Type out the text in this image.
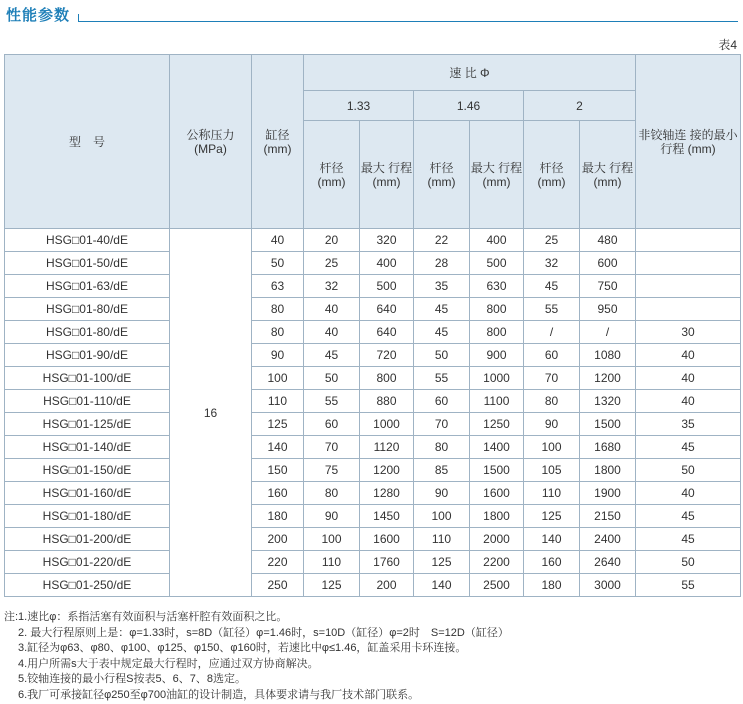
性能参数
表4
型　号	公称压力 (MPa)	缸径 (mm)	速 比 Φ						非铰轴连 接的最小 行程 (mm)
			1.33		1.46		2		
			杆径 (mm)	最大 行程 (mm)	杆径 (mm)	最大 行程 (mm)	杆径 (mm)	最大 行程 (mm)	
HSG□01-40/dE	16	40	20	320	22	400	25	480	
HSG□01-50/dE		50	25	400	28	500	32	600	
HSG□01-63/dE		63	32	500	35	630	45	750	
HSG□01-80/dE		80	40	640	45	800	55	950	
HSG□01-80/dE		80	40	640	45	800	/	/	30
HSG□01-90/dE		90	45	720	50	900	60	1080	40
HSG□01-100/dE		100	50	800	55	1000	70	1200	40
HSG□01-110/dE		110	55	880	60	1100	80	1320	40
HSG□01-125/dE		125	60	1000	70	1250	90	1500	35
HSG□01-140/dE		140	70	1120	80	1400	100	1680	45
HSG□01-150/dE		150	75	1200	85	1500	105	1800	50
HSG□01-160/dE		160	80	1280	90	1600	110	1900	40
HSG□01-180/dE		180	90	1450	100	1800	125	2150	45
HSG□01-200/dE		200	100	1600	110	2000	140	2400	45
HSG□01-220/dE		220	110	1760	125	2200	160	2640	50
HSG□01-250/dE		250	125	200	140	2500	180	3000	55
注:1.速比φ：系指活塞有效面积与活塞杆腔有效面积之比。
2. 最大行程原则上是：φ=1.33时，s=8D（缸径）φ=1.46时，s=10D（缸径）φ=2时　S=12D（缸径）
3.缸径为φ63、φ80、φ100、φ125、φ150、φ160时，若速比中φ≤1.46，缸盖采用卡环连接。
4.用户所需s大于表中规定最大行程时，应通过双方协商解决。
5.铰轴连接的最小行程S按表5、6、7、8选定。
6.我厂可承接缸径φ250至φ700油缸的设计制造，具体要求请与我厂技术部门联系。
